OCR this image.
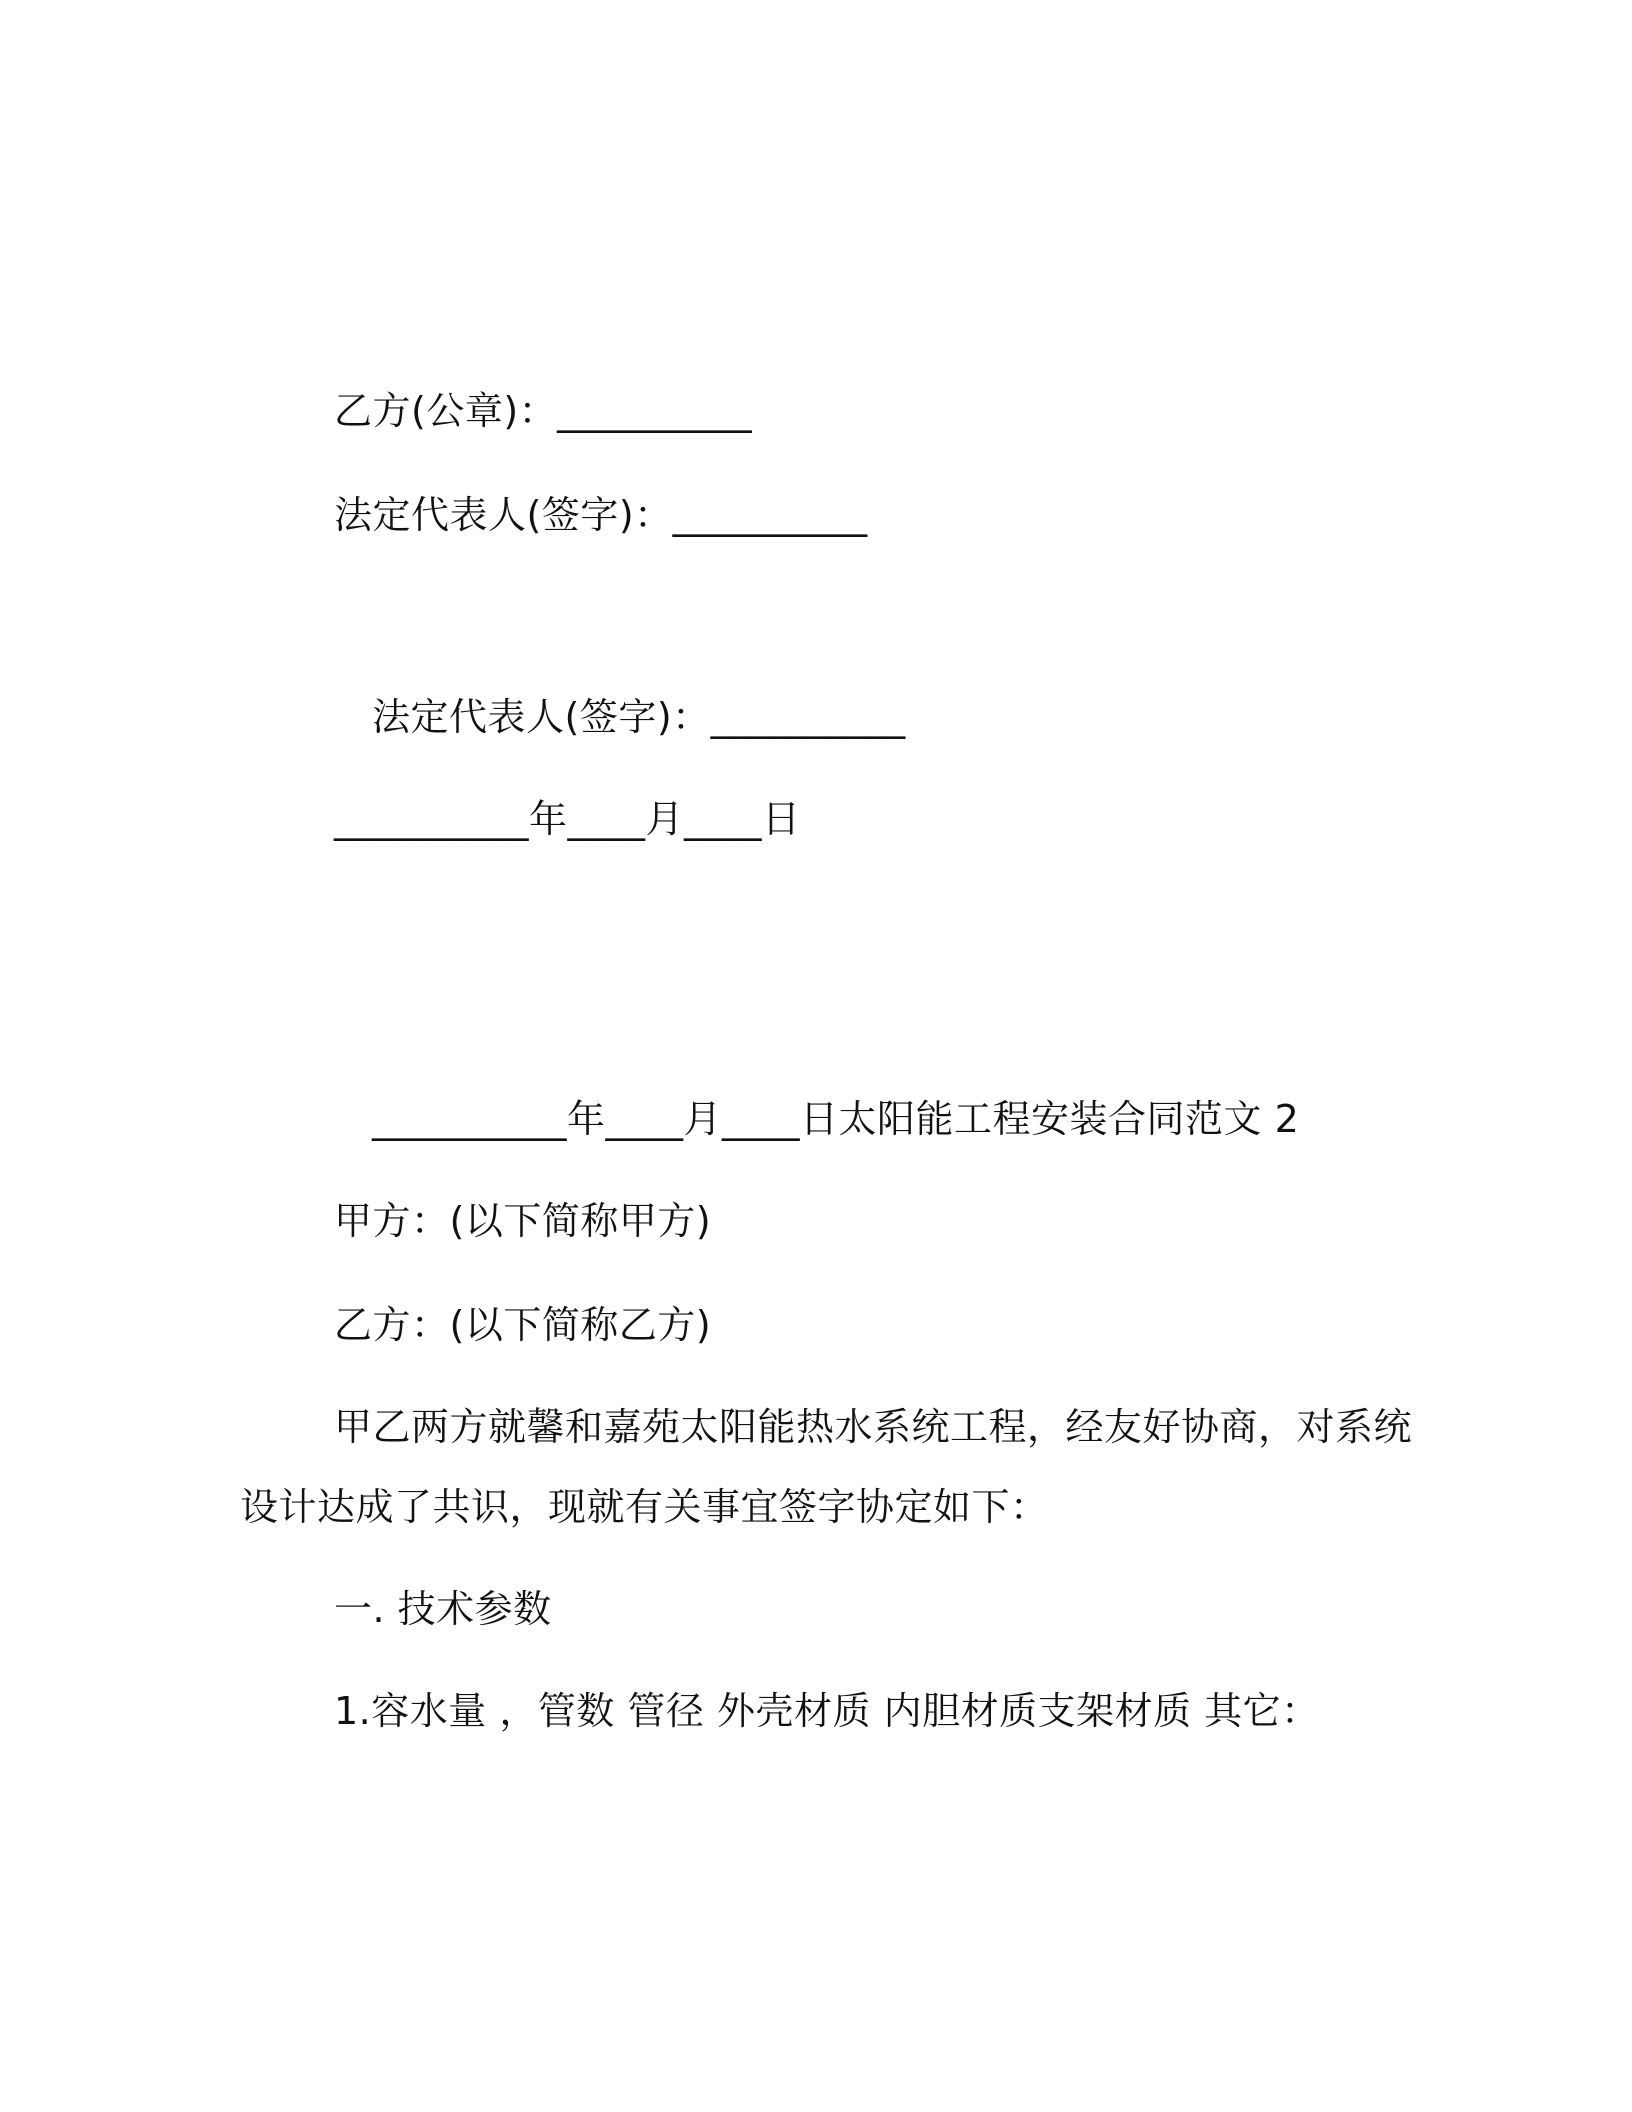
乙方(公章)：__________
法定代表人(签字)：__________
法定代表人(签字)：__________
__________年____月____日
__________年____月____日太阳能工程安装合同范文 2
甲方：(以下简称甲方)
乙方：(以下简称乙方)
甲乙两方就馨和嘉苑太阳能热水系统工程，经友好协商，对系统
设计达成了共识，现就有关事宜签字协定如下：
一. 技术参数
1.容水量 ，管数 管径 外壳材质 内胆材质支架材质 其它：
